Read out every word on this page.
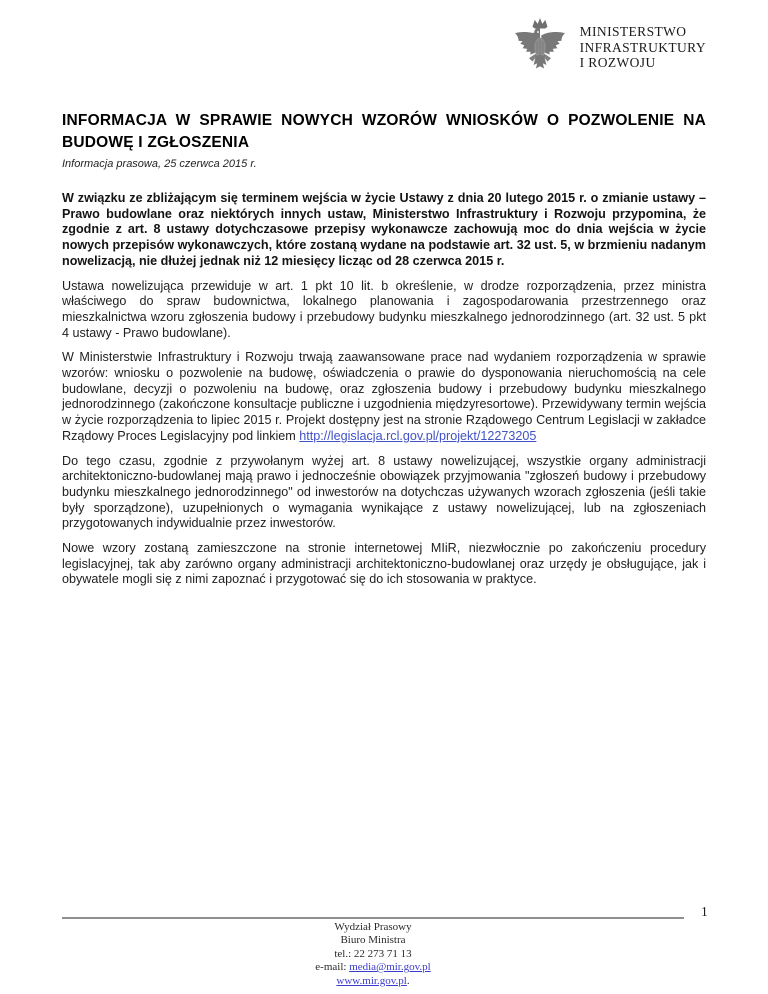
MINISTERSTWO
INFRASTRUKTURY
I ROZWOJU
INFORMACJA W SPRAWIE NOWYCH WZORÓW WNIOSKÓW O POZWOLENIE NA BUDOWĘ I ZGŁOSZENIA

Informacja prasowa, 25 czerwca 2015 r.

W związku ze zbliżającym się terminem wejścia w życie Ustawy z dnia 20 lutego 2015 r. o zmianie ustawy – Prawo budowlane oraz niektórych innych ustaw, Ministerstwo Infrastruktury i Rozwoju przypomina, że zgodnie z art. 8 ustawy dotychczasowe przepisy wykonawcze zachowują moc do dnia wejścia w życie nowych przepisów wykonawczych, które zostaną wydane na podstawie art. 32 ust. 5, w brzmieniu nadanym nowelizacją, nie dłużej jednak niż 12 miesięcy licząc od 28 czerwca 2015 r.

Ustawa nowelizująca przewiduje w art. 1 pkt 10 lit. b określenie, w drodze rozporządzenia, przez ministra właściwego do spraw budownictwa, lokalnego planowania i zagospodarowania przestrzennego oraz mieszkalnictwa wzoru zgłoszenia budowy i przebudowy budynku mieszkalnego jednorodzinnego (art. 32 ust. 5 pkt 4 ustawy - Prawo budowlane).

W Ministerstwie Infrastruktury i Rozwoju trwają zaawansowane prace nad wydaniem rozporządzenia w sprawie wzorów: wniosku o pozwolenie na budowę, oświadczenia o prawie do dysponowania nieruchomością na cele budowlane, decyzji o pozwoleniu na budowę, oraz zgłoszenia budowy i przebudowy budynku mieszkalnego jednorodzinnego (zakończone konsultacje publiczne i uzgodnienia międzyresortowe). Przewidywany termin wejścia w życie rozporządzenia to lipiec 2015 r. Projekt dostępny jest na stronie Rządowego Centrum Legislacji w zakładce Rządowy Proces Legislacyjny pod linkiem http://legislacja.rcl.gov.pl/projekt/12273205

Do tego czasu, zgodnie z przywołanym wyżej art. 8 ustawy nowelizującej, wszystkie organy administracji architektoniczno-budowlanej mają prawo i jednocześnie obowiązek przyjmowania "zgłoszeń budowy i przebudowy budynku mieszkalnego jednorodzinnego" od inwestorów na dotychczas używanych wzorach zgłoszenia (jeśli takie były sporządzone), uzupełnionych o wymagania wynikające z ustawy nowelizującej, lub na zgłoszeniach przygotowanych indywidualnie przez inwestorów.

Nowe wzory zostaną zamieszczone na stronie internetowej MIiR, niezwłocznie po zakończeniu procedury legislacyjnej, tak aby zarówno organy administracji architektoniczno-budowlanej oraz urzędy je obsługujące, jak i obywatele mogli się z nimi zapoznać i przygotować się do ich stosowania w praktyce.

1
Wydział Prasowy
Biuro Ministra
tel.: 22 273 71 13
e-mail: media@mir.gov.pl
www.mir.gov.pl.
